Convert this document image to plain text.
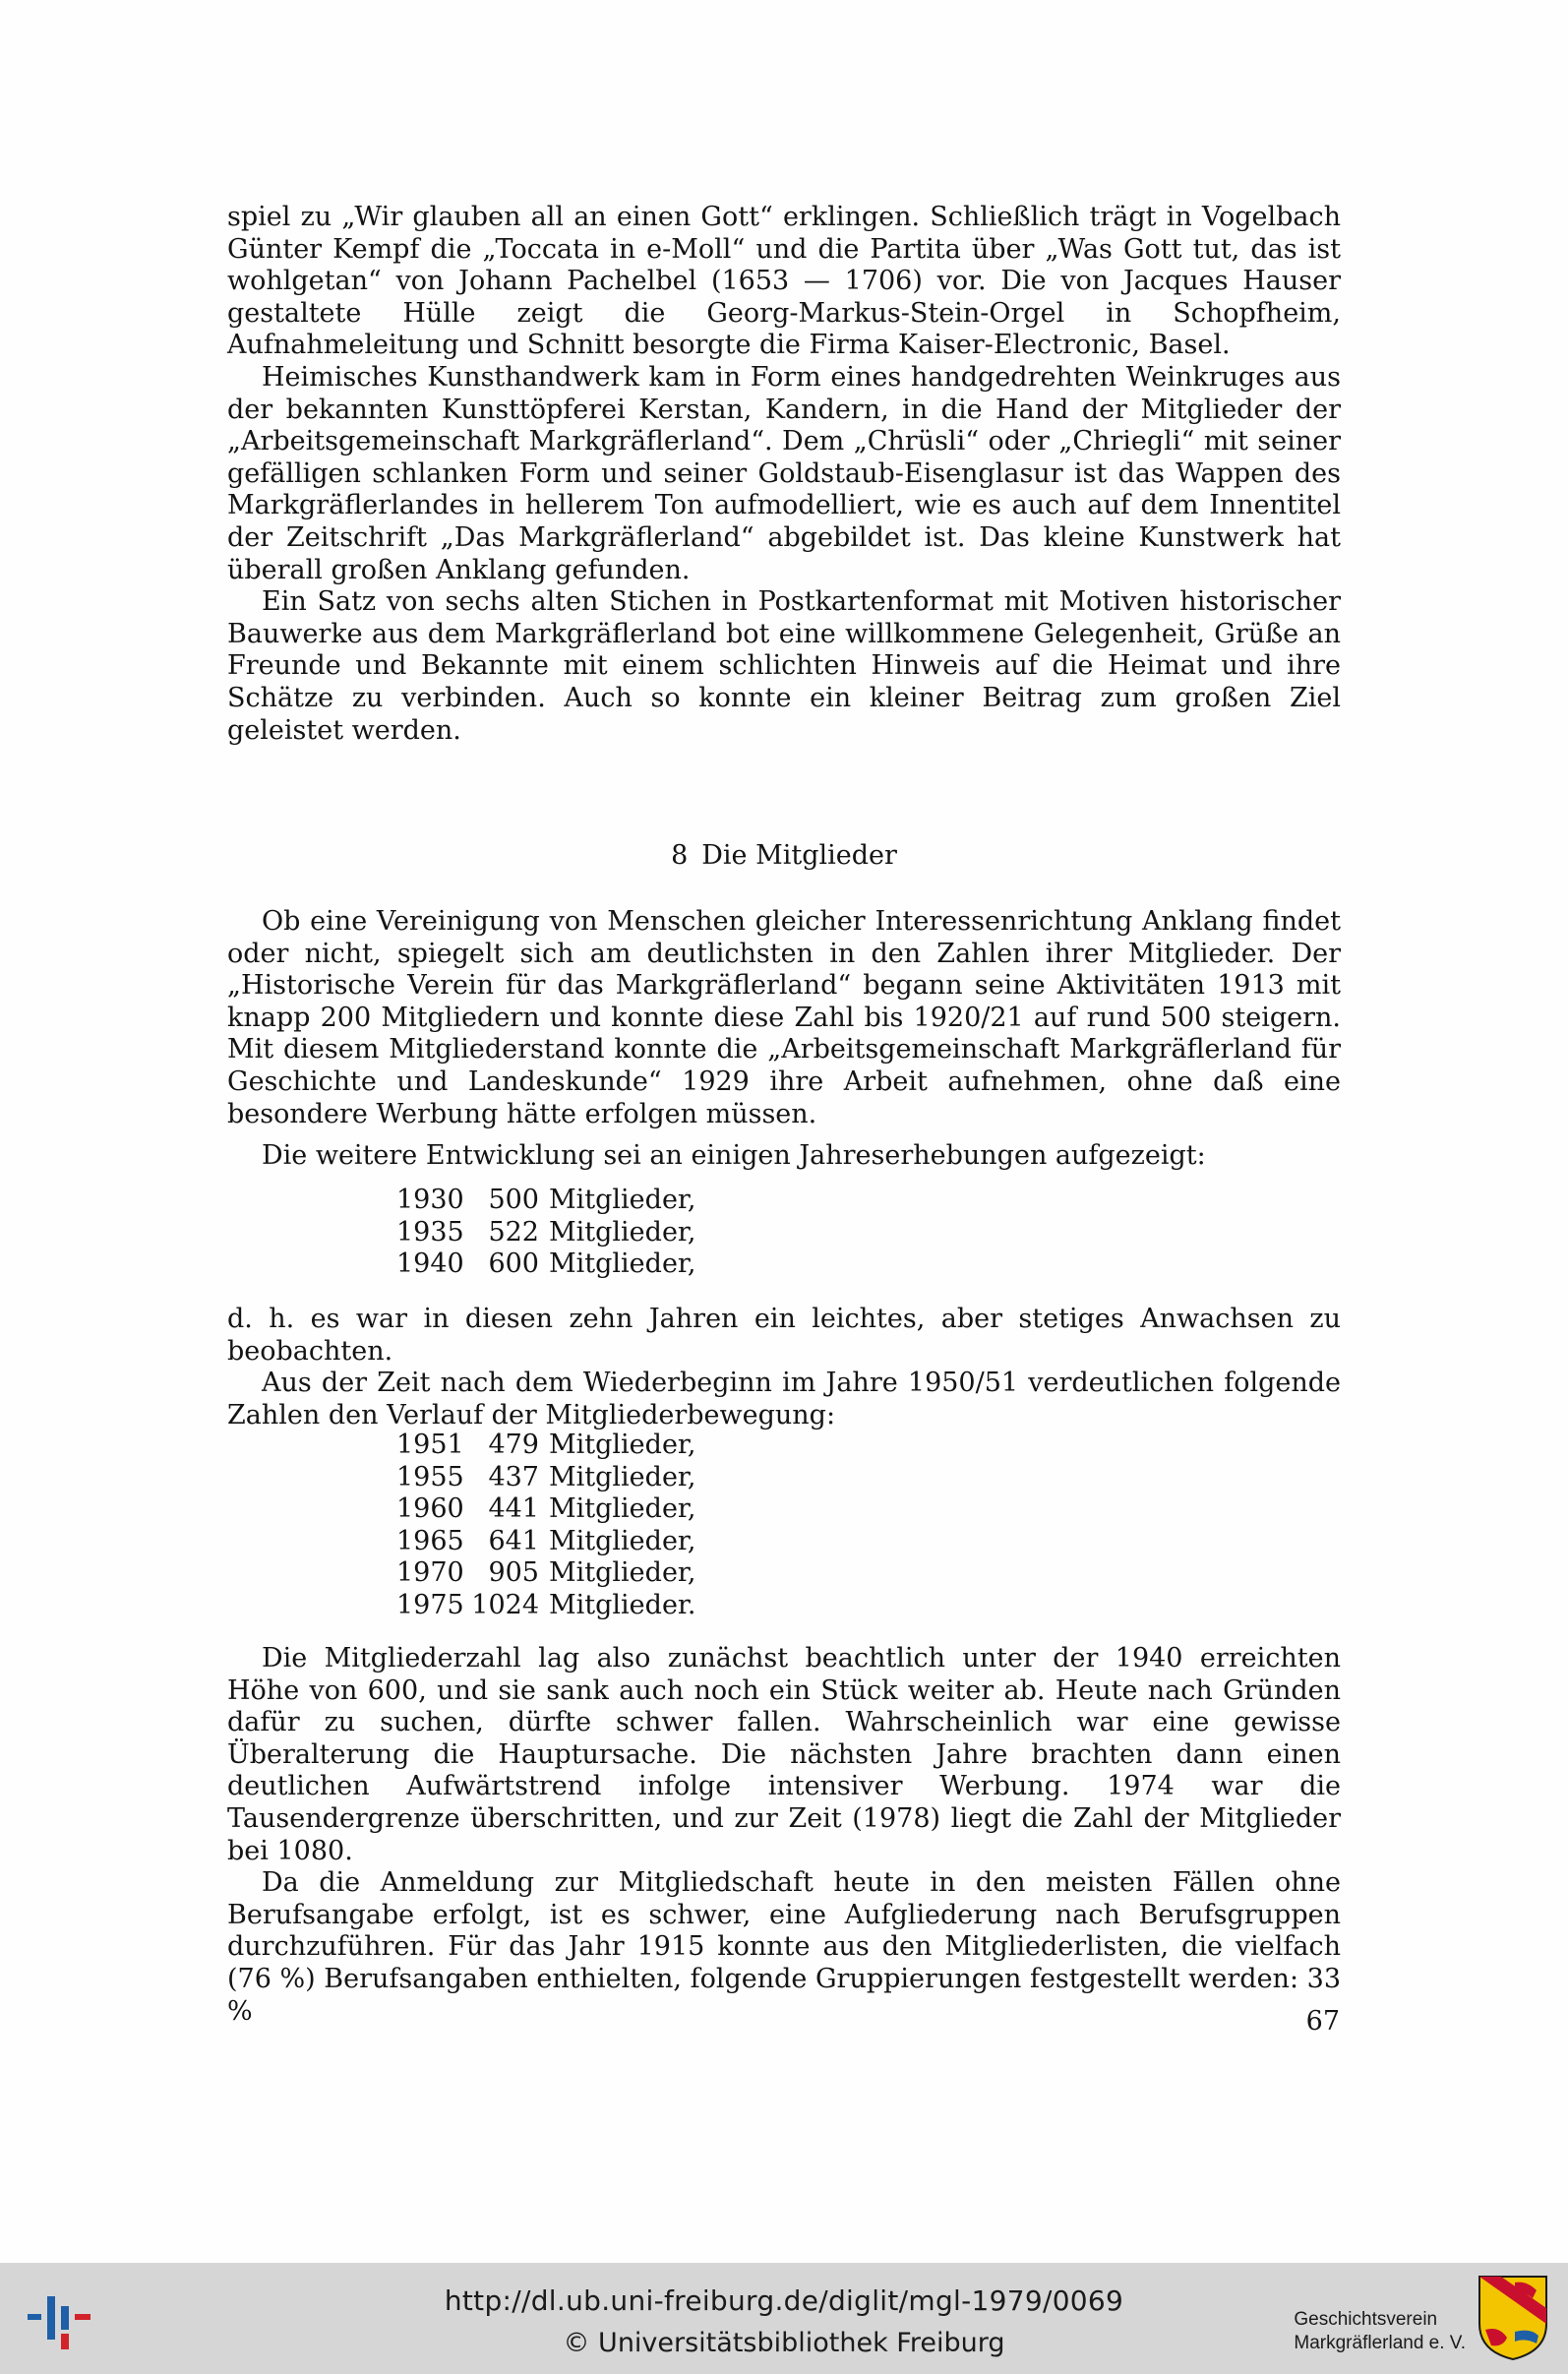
spiel zu „Wir glauben all an einen Gott“ erklingen. Schließlich trägt in Vogelbach Günter Kempf die „Toccata in e-Moll“ und die Partita über „Was Gott tut, das ist wohlgetan“ von Johann Pachelbel (1653 — 1706) vor. Die von Jacques Hauser gestaltete Hülle zeigt die Georg-Markus-Stein-Orgel in Schopfheim, Aufnahmeleitung und Schnitt besorgte die Firma Kaiser-Electronic, Basel.

Heimisches Kunsthandwerk kam in Form eines handgedrehten Weinkruges aus der bekannten Kunsttöpferei Kerstan, Kandern, in die Hand der Mitglieder der „Arbeitsgemeinschaft Markgräflerland“. Dem „Chrüsli“ oder „Chriegli“ mit seiner gefälligen schlanken Form und seiner Goldstaub-Eisenglasur ist das Wappen des Markgräflerlandes in hellerem Ton aufmodelliert, wie es auch auf dem Innentitel der Zeitschrift „Das Markgräflerland“ abgebildet ist. Das kleine Kunstwerk hat überall großen Anklang gefunden.

Ein Satz von sechs alten Stichen in Postkartenformat mit Motiven historischer Bauwerke aus dem Markgräflerland bot eine willkommene Gelegenheit, Grüße an Freunde und Bekannte mit einem schlichten Hinweis auf die Heimat und ihre Schätze zu verbinden. Auch so konnte ein kleiner Beitrag zum großen Ziel geleistet werden.

8 Die Mitglieder

Ob eine Vereinigung von Menschen gleicher Interessenrichtung Anklang findet oder nicht, spiegelt sich am deutlichsten in den Zahlen ihrer Mitglieder. Der „Historische Verein für das Markgräflerland“ begann seine Aktivitäten 1913 mit knapp 200 Mitgliedern und konnte diese Zahl bis 1920/21 auf rund 500 steigern. Mit diesem Mitgliederstand konnte die „Arbeitsgemeinschaft Markgräflerland für Geschichte und Landeskunde“ 1929 ihre Arbeit aufnehmen, ohne daß eine besondere Werbung hätte erfolgen müssen.

Die weitere Entwicklung sei an einigen Jahreserhebungen aufgezeigt:

1930 500 Mitglieder,
1935 522 Mitglieder,
1940 600 Mitglieder,

d. h. es war in diesen zehn Jahren ein leichtes, aber stetiges Anwachsen zu beobachten.

Aus der Zeit nach dem Wiederbeginn im Jahre 1950/51 verdeutlichen folgende Zahlen den Verlauf der Mitgliederbewegung:

1951 479 Mitglieder,
1955 437 Mitglieder,
1960 441 Mitglieder,
1965 641 Mitglieder,
1970 905 Mitglieder,
1975 1024 Mitglieder.

Die Mitgliederzahl lag also zunächst beachtlich unter der 1940 erreichten Höhe von 600, und sie sank auch noch ein Stück weiter ab. Heute nach Gründen dafür zu suchen, dürfte schwer fallen. Wahrscheinlich war eine gewisse Überalterung die Hauptursache. Die nächsten Jahre brachten dann einen deutlichen Aufwärtstrend infolge intensiver Werbung. 1974 war die Tausendergrenze überschritten, und zur Zeit (1978) liegt die Zahl der Mitglieder bei 1080.

Da die Anmeldung zur Mitgliedschaft heute in den meisten Fällen ohne Berufsangabe erfolgt, ist es schwer, eine Aufgliederung nach Berufsgruppen durchzuführen. Für das Jahr 1915 konnte aus den Mitgliederlisten, die vielfach (76 %) Berufsangaben enthielten, folgende Gruppierungen festgestellt werden: 33 %	67
http://dl.ub.uni-freiburg.de/diglit/mgl-1979/0069
© Universitätsbibliothek Freiburg
Geschichtsverein
Markgräflerland e. V.
